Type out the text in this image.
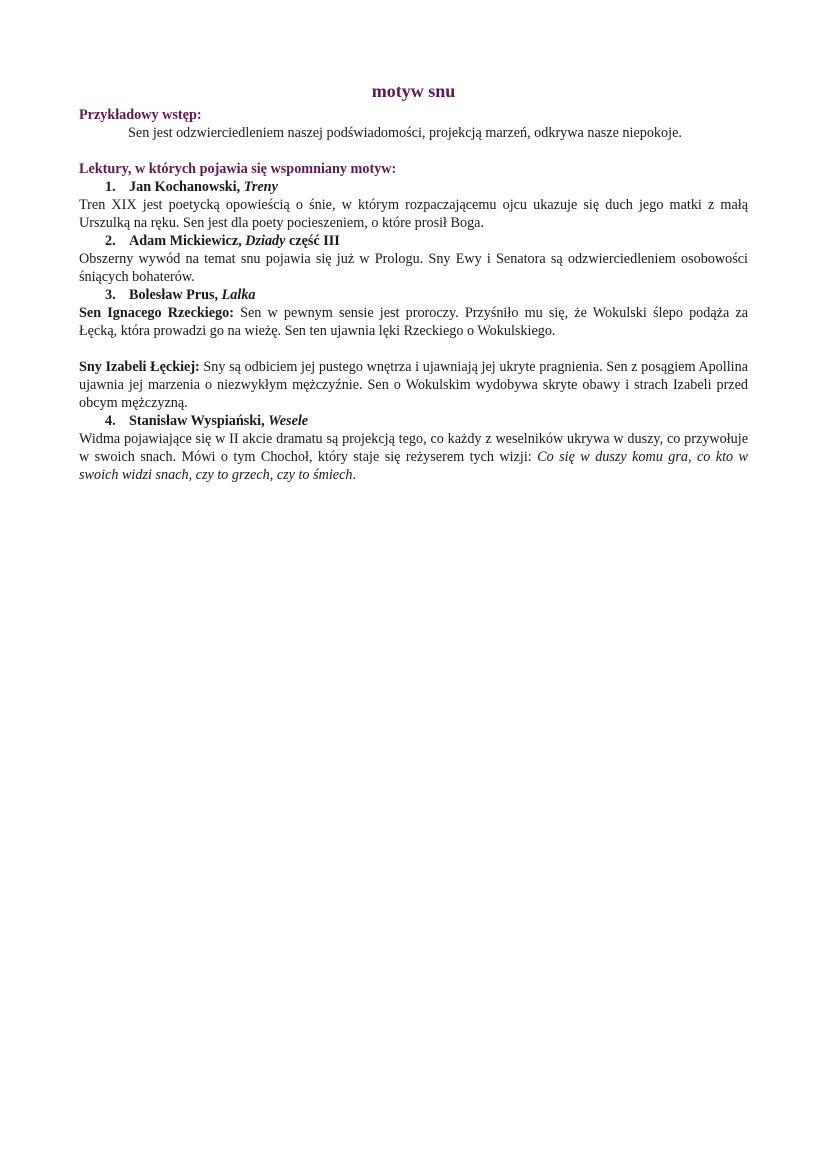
motyw snu
Przykładowy wstęp:
Sen jest odzwierciedleniem naszej podświadomości, projekcją marzeń, odkrywa nasze niepokoje.
Lektury, w których pojawia się wspomniany motyw:
1. Jan Kochanowski, Treny
Tren XIX jest poetycką opowieścią o śnie, w którym rozpaczającemu ojcu ukazuje się duch jego matki z małą Urszulką na ręku. Sen jest dla poety pocieszeniem, o które prosił Boga.
2. Adam Mickiewicz, Dziady część III
Obszerny wywód na temat snu pojawia się już w Prologu. Sny Ewy i Senatora są odzwierciedleniem osobowości śniących bohaterów.
3. Bolesław Prus, Lalka
Sen Ignacego Rzeckiego: Sen w pewnym sensie jest proroczy. Przyśniło mu się, że Wokulski ślepo podąża za Łęcką, która prowadzi go na wieżę. Sen ten ujawnia lęki Rzeckiego o Wokulskiego.
Sny Izabeli Łęckiej: Sny są odbiciem jej pustego wnętrza i ujawniają jej ukryte pragnienia. Sen z posągiem Apollina ujawnia jej marzenia o niezwykłym mężczyźnie. Sen o Wokulskim wydobywa skryte obawy i strach Izabeli przed obcym mężczyzną.
4. Stanisław Wyspiański, Wesele
Widma pojawiające się w II akcie dramatu są projekcją tego, co każdy z weselników ukrywa w duszy, co przywołuje w swoich snach. Mówi o tym Chochoł, który staje się reżyserem tych wizji: Co się w duszy komu gra, co kto w swoich widzi snach, czy to grzech, czy to śmiech.
